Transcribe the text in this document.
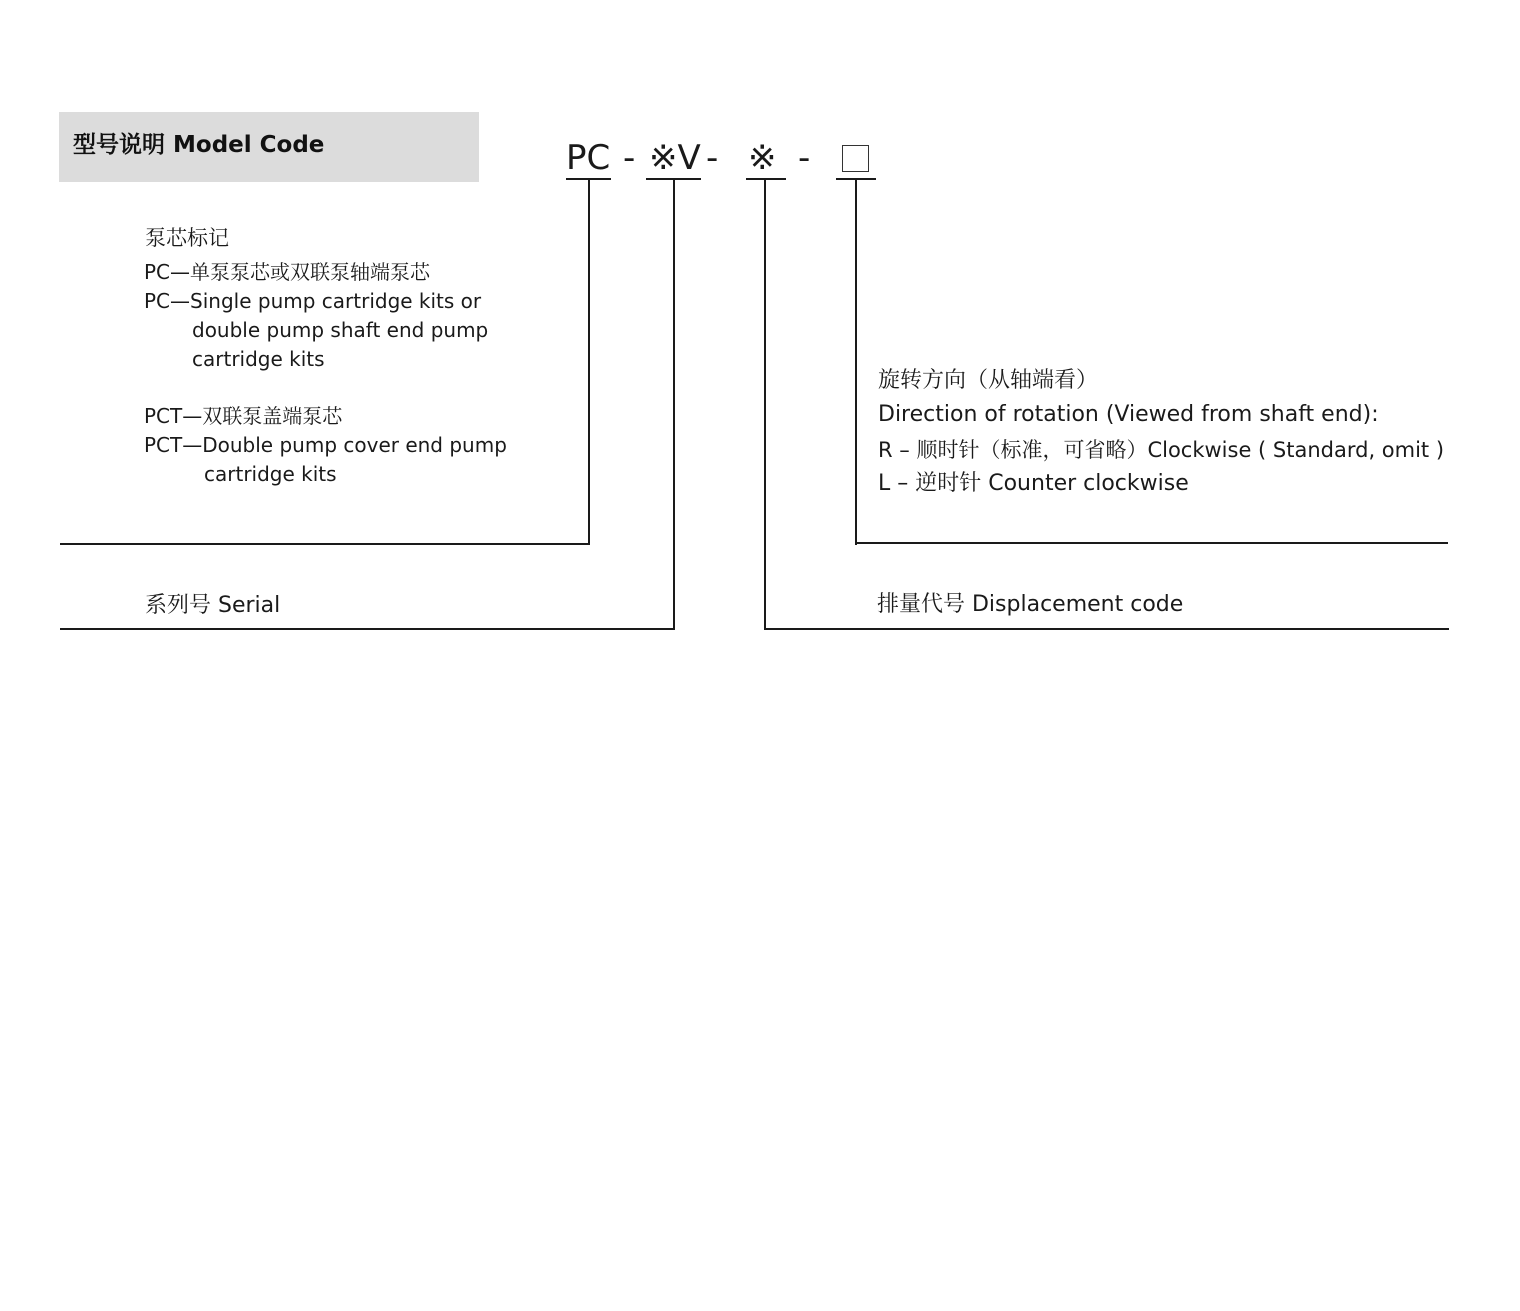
型号说明 Model Code	PC - ※V - ※ -
泵芯标记
PC—单泵泵芯或双联泵轴端泵芯
PC—Single pump cartridge kits or
double pump shaft end pump
cartridge kits
PCT—双联泵盖端泵芯
PCT—Double pump cover end pump
cartridge kits
系列号 Serial
旋转方向（从轴端看）
Direction of rotation (Viewed from shaft end):
R – 顺时针（标准，可省略）Clockwise ( Standard, omit )
L – 逆时针 Counter clockwise
排量代号 Displacement code
